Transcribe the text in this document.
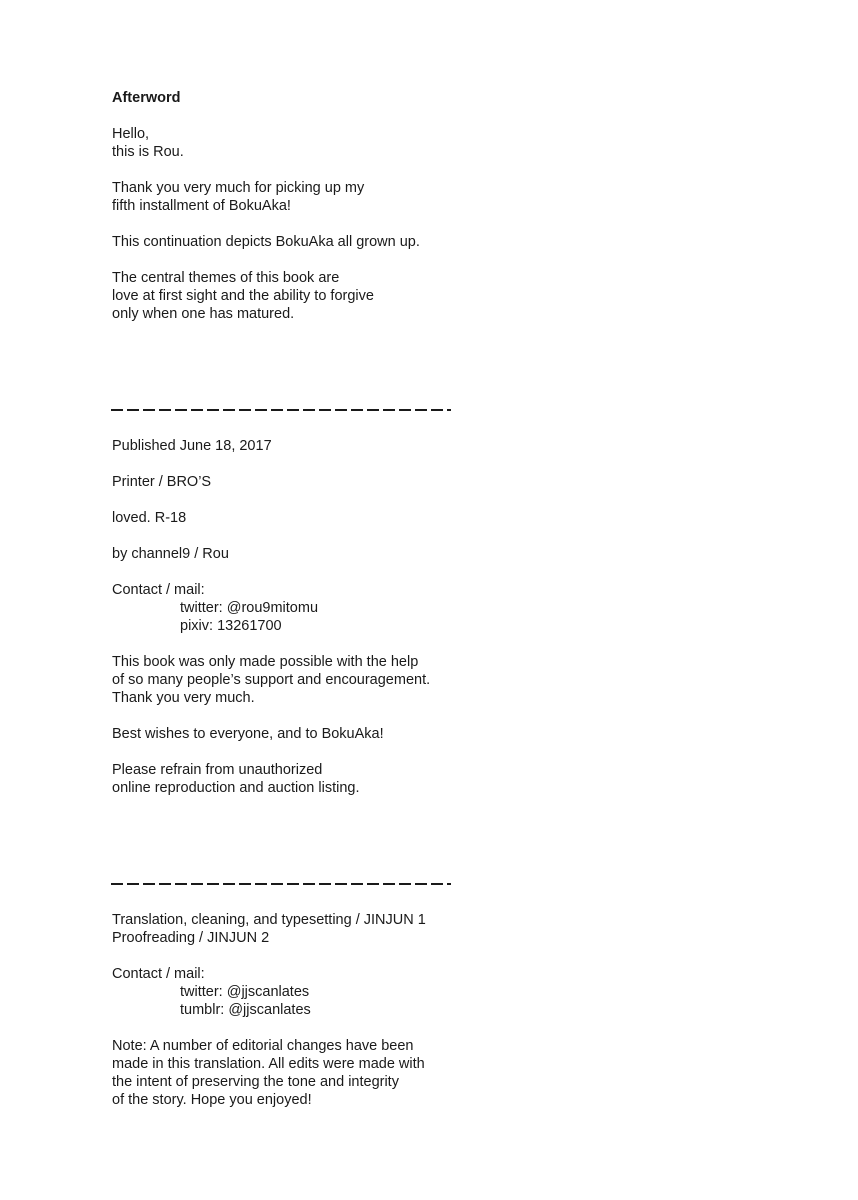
Afterword
Hello,
this is Rou.
Thank you very much for picking up my
fifth installment of BokuAka!
This continuation depicts BokuAka all grown up.
The central themes of this book are
love at first sight and the ability to forgive
only when one has matured.
Published June 18, 2017
Printer / BRO’S
loved. R-18
by channel9 / Rou
Contact / mail:
twitter: @rou9mitomu
pixiv: 13261700
This book was only made possible with the help
of so many people’s support and encouragement.
Thank you very much.
Best wishes to everyone, and to BokuAka!
Please refrain from unauthorized
online reproduction and auction listing.
Translation, cleaning, and typesetting / JINJUN 1
Proofreading / JINJUN 2
Contact / mail:
twitter: @jjscanlates
tumblr: @jjscanlates
Note: A number of editorial changes have been
made in this translation. All edits were made with
the intent of preserving the tone and integrity
of the story. Hope you enjoyed!
